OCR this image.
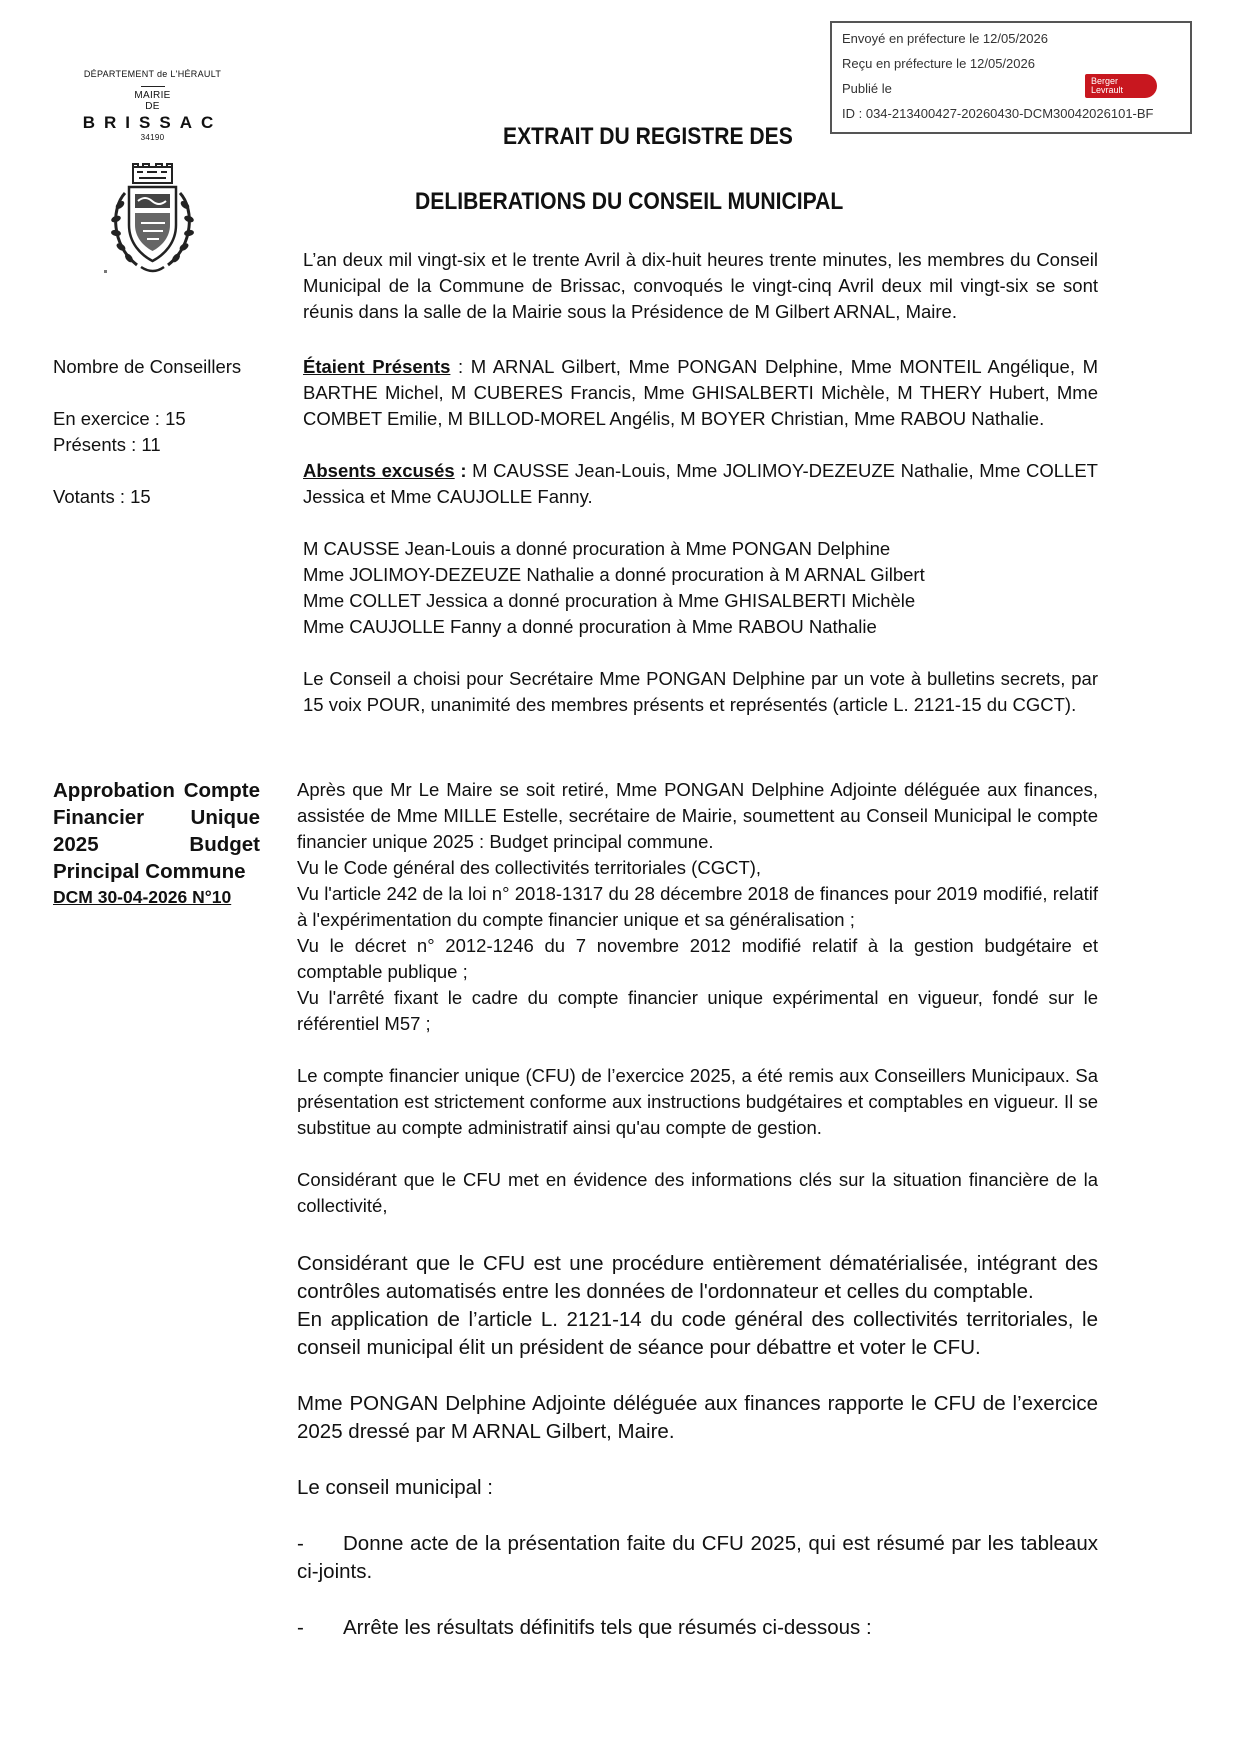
Envoyé en préfecture le 12/05/2026
Reçu en préfecture le 12/05/2026
Publié le
ID : 034-213400427-20260430-DCM30042026101-BF
Berger
Levrault
DÉPARTEMENT de L'HÉRAULT
MAIRIE
DE
BRISSAC
34190	EXTRAIT DU REGISTRE DES
DELIBERATIONS DU CONSEIL MUNICIPAL

L’an deux mil vingt-six et le trente Avril à dix-huit heures trente minutes, les membres du Conseil Municipal de la Commune de Brissac, convoqués le vingt-cinq Avril deux mil vingt-six se sont réunis dans la salle de la Mairie sous la Présidence de M Gilbert ARNAL, Maire.

Nombre de Conseillers
En exercice : 15
Présents : 11
Votants : 15

Étaient Présents : M ARNAL Gilbert, Mme PONGAN Delphine, Mme MONTEIL Angélique, M BARTHE Michel, M CUBERES Francis, Mme GHISALBERTI Michèle, M THERY Hubert, Mme COMBET Emilie, M BILLOD-MOREL Angélis, M BOYER Christian, Mme RABOU Nathalie.

Absents excusés : M CAUSSE Jean-Louis, Mme JOLIMOY-DEZEUZE Nathalie, Mme COLLET Jessica et Mme CAUJOLLE Fanny.

M CAUSSE Jean-Louis a donné procuration à Mme PONGAN Delphine
Mme JOLIMOY-DEZEUZE Nathalie a donné procuration à M ARNAL Gilbert
Mme COLLET Jessica a donné procuration à Mme GHISALBERTI Michèle
Mme CAUJOLLE Fanny a donné procuration à Mme RABOU Nathalie

Le Conseil a choisi pour Secrétaire Mme PONGAN Delphine par un vote à bulletins secrets, par 15 voix POUR, unanimité des membres présents et représentés (article L. 2121-15 du CGCT).

Approbation Compte
Financier Unique
2025	Budget
Principal Commune
DCM 30-04-2026 N°10

Après que Mr Le Maire se soit retiré, Mme PONGAN Delphine Adjointe déléguée aux finances, assistée de Mme MILLE Estelle, secrétaire de Mairie, soumettent au Conseil Municipal le compte financier unique 2025 : Budget principal commune.

Vu le Code général des collectivités territoriales (CGCT),

Vu l'article 242 de la loi n° 2018-1317 du 28 décembre 2018 de finances pour 2019 modifié, relatif à l'expérimentation du compte financier unique et sa généralisation ;

Vu le décret n° 2012-1246 du 7 novembre 2012 modifié relatif à la gestion budgétaire et comptable publique ;

Vu l'arrêté fixant le cadre du compte financier unique expérimental en vigueur, fondé sur le référentiel M57 ;

Le compte financier unique (CFU) de l’exercice 2025, a été remis aux Conseillers Municipaux. Sa présentation est strictement conforme aux instructions budgétaires et comptables en vigueur. Il se substitue au compte administratif ainsi qu'au compte de gestion.

Considérant que le CFU met en évidence des informations clés sur la situation financière de la collectivité,

Considérant que le CFU est une procédure entièrement dématérialisée, intégrant des contrôles automatisés entre les données de l'ordonnateur et celles du comptable.

En application de l’article L. 2121-14 du code général des collectivités territoriales, le conseil municipal élit un président de séance pour débattre et voter le CFU.

Mme PONGAN Delphine Adjointe déléguée aux finances rapporte le CFU de l’exercice 2025 dressé par M ARNAL Gilbert, Maire.

Le conseil municipal :

- Donne acte de la présentation faite du CFU 2025, qui est résumé par les tableaux ci-joints.

- Arrête les résultats définitifs tels que résumés ci-dessous :
